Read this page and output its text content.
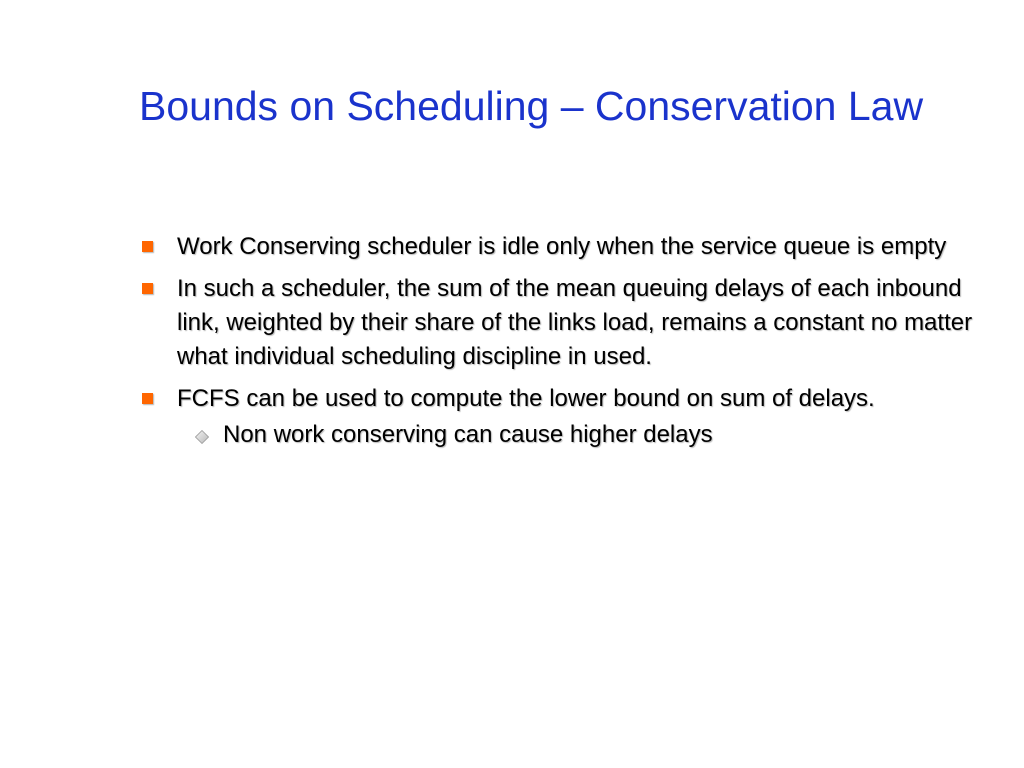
Bounds on Scheduling – Conservation Law
Work Conserving scheduler is idle only when the service queue is empty
In such a scheduler, the sum of the mean queuing delays of each inbound link, weighted by their share of the links load, remains a constant no matter what individual scheduling discipline in used.
FCFS can be used to compute the lower bound on sum of delays.
Non work conserving can cause higher delays
